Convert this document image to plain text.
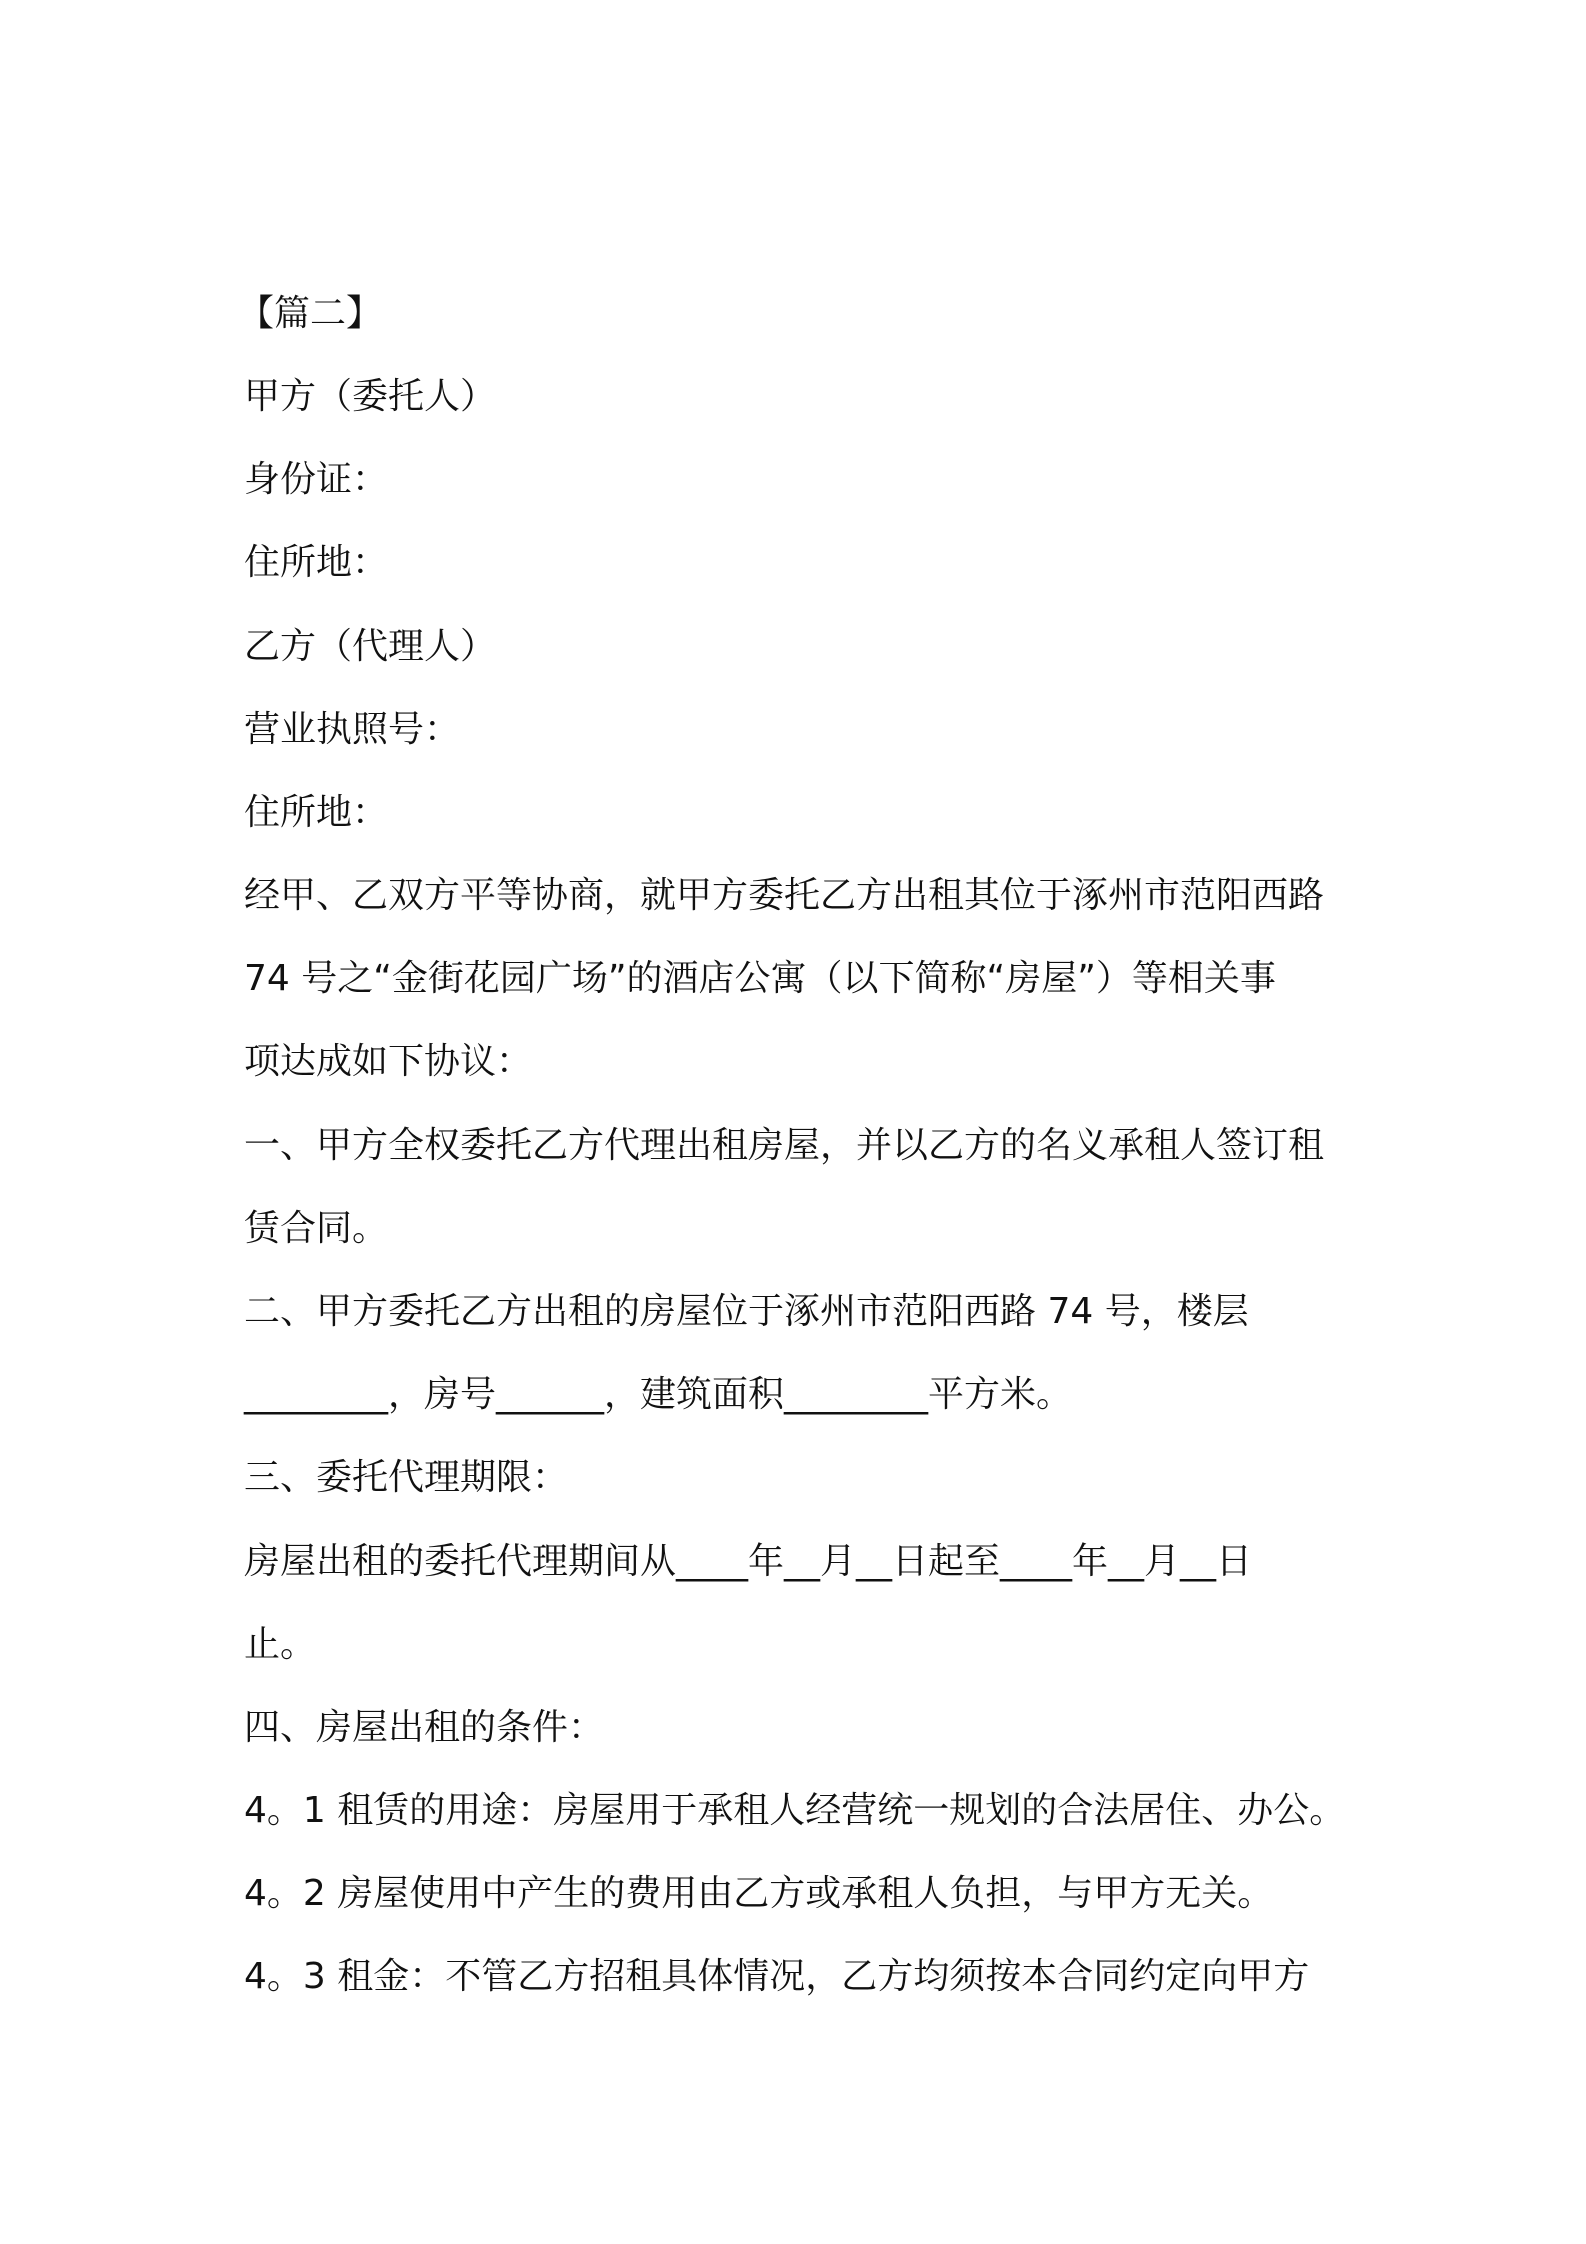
【篇二】
甲方（委托人）
身份证：
住所地：
乙方（代理人）
营业执照号：
住所地：
经甲、乙双方平等协商，就甲方委托乙方出租其位于涿州市范阳西路
74 号之“金街花园广场”的酒店公寓（以下简称“房屋”）等相关事
项达成如下协议：
一、甲方全权委托乙方代理出租房屋，并以乙方的名义承租人签订租
赁合同。
二、甲方委托乙方出租的房屋位于涿州市范阳西路 74 号，楼层
________，房号______，建筑面积________平方米。
三、委托代理期限：
房屋出租的委托代理期间从____年__月__日起至____年__月__日
止。
四、房屋出租的条件：
4。1 租赁的用途：房屋用于承租人经营统一规划的合法居住、办公。
4。2 房屋使用中产生的费用由乙方或承租人负担，与甲方无关。
4。3 租金：不管乙方招租具体情况，乙方均须按本合同约定向甲方
